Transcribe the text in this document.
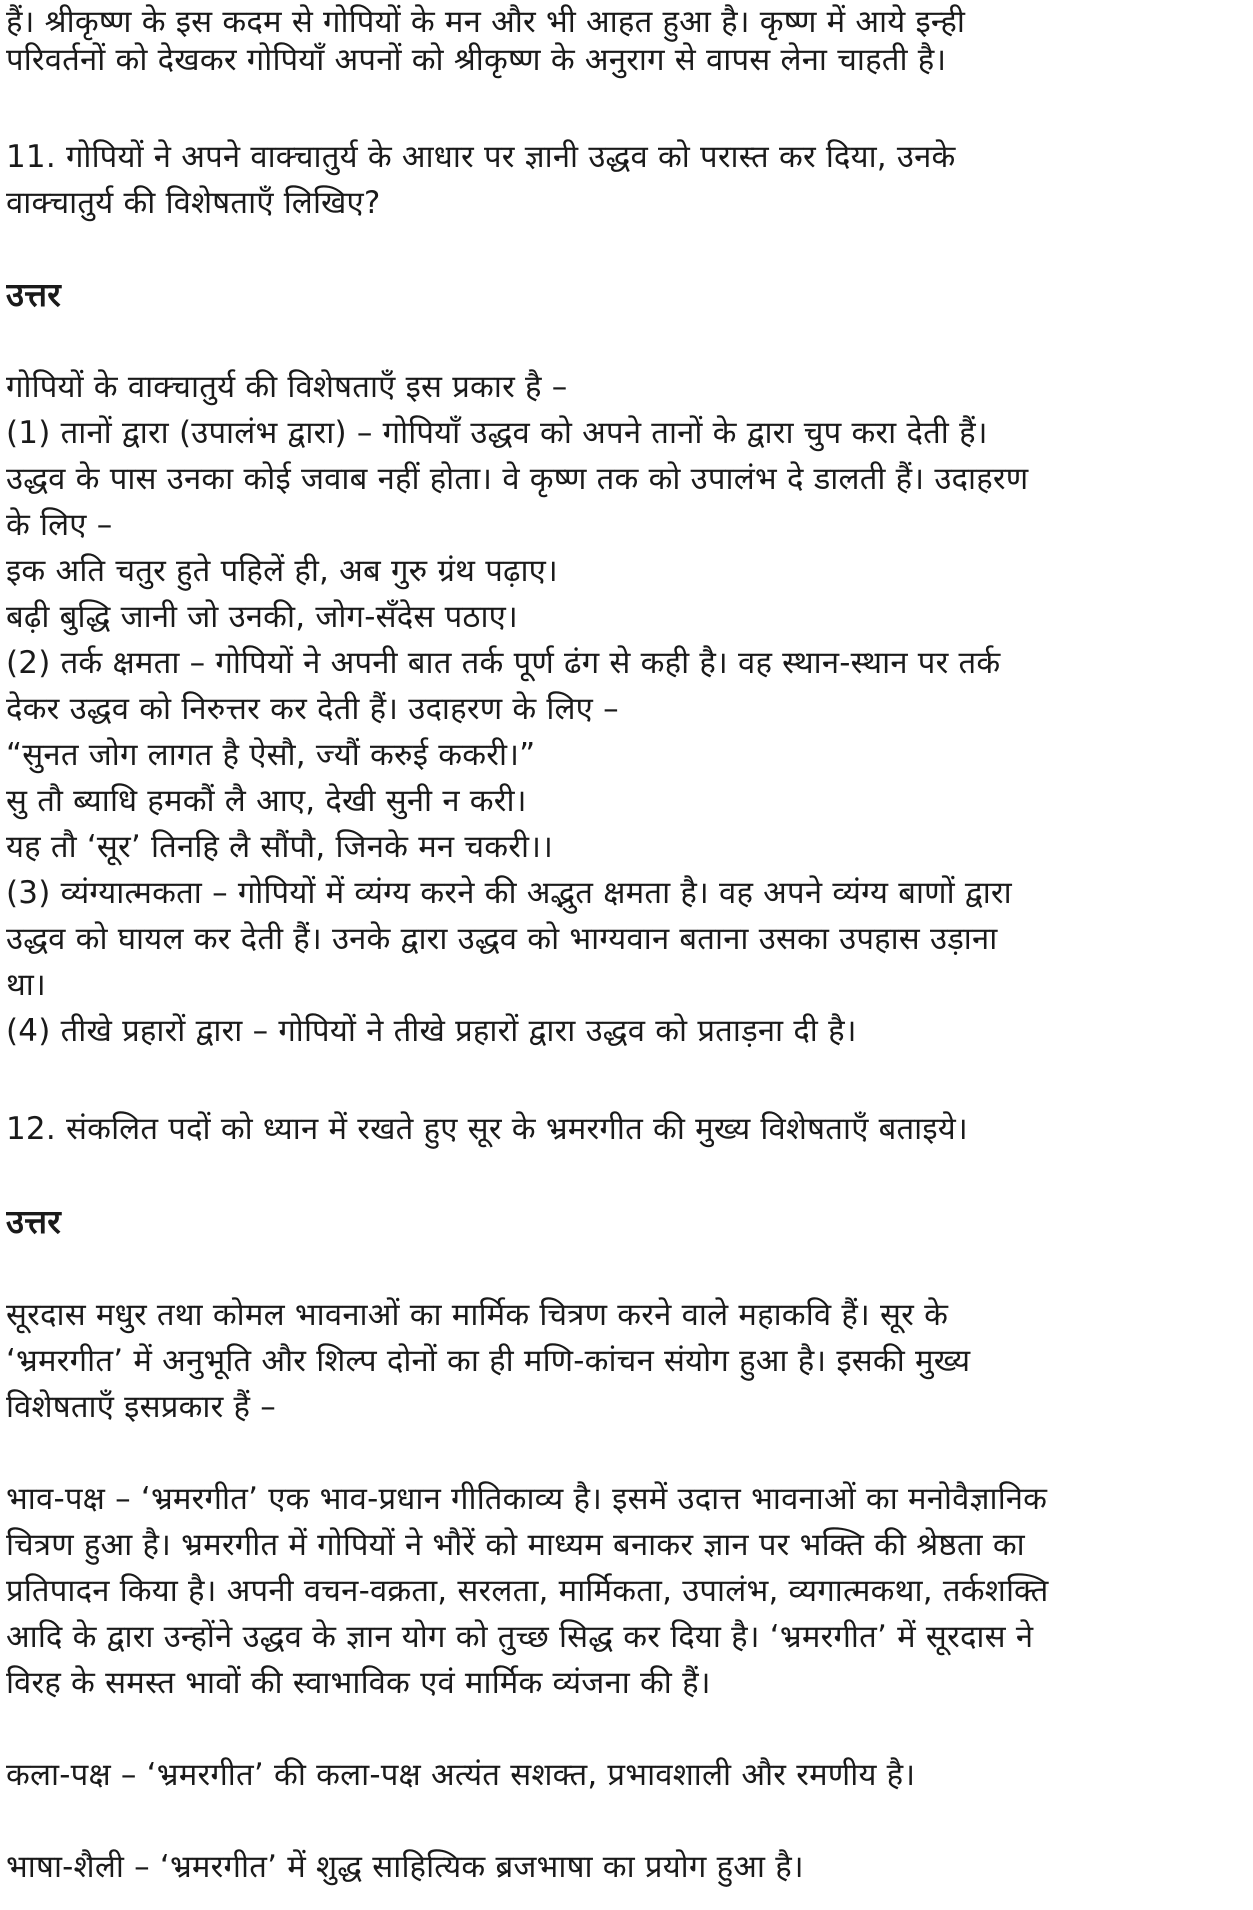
हैं। श्रीकृष्ण के इस कदम से गोपियों के मन और भी आहत हुआ है। कृष्ण में आये इन्ही
परिवर्तनों को देखकर गोपियाँ अपनों को श्रीकृष्ण के अनुराग से वापस लेना चाहती है।
11. गोपियों ने अपने वाक्चातुर्य के आधार पर ज्ञानी उद्धव को परास्त कर दिया, उनके
वाक्चातुर्य की विशेषताएँ लिखिए?
उत्तर
गोपियों के वाक्चातुर्य की विशेषताएँ इस प्रकार है –
(1) तानों द्वारा (उपालंभ द्वारा) – गोपियाँ उद्धव को अपने तानों के द्वारा चुप करा देती हैं।
उद्धव के पास उनका कोई जवाब नहीं होता। वे कृष्ण तक को उपालंभ दे डालती हैं। उदाहरण
के लिए –
इक अति चतुर हुते पहिलें ही, अब गुरु ग्रंथ पढ़ाए।
बढ़ी बुद्धि जानी जो उनकी, जोग-सँदेस पठाए।
(2) तर्क क्षमता – गोपियों ने अपनी बात तर्क पूर्ण ढंग से कही है। वह स्थान-स्थान पर तर्क
देकर उद्धव को निरुत्तर कर देती हैं। उदाहरण के लिए –
“सुनत जोग लागत है ऐसौ, ज्यौं करुई ककरी।”
सु तौ ब्याधि हमकौं लै आए, देखी सुनी न करी।
यह तौ ‘सूर’ तिनहि लै सौंपौ, जिनके मन चकरी।।
(3) व्यंग्यात्मकता – गोपियों में व्यंग्य करने की अद्भुत क्षमता है। वह अपने व्यंग्य बाणों द्वारा
उद्धव को घायल कर देती हैं। उनके द्वारा उद्धव को भाग्यवान बताना उसका उपहास उड़ाना
था।
(4) तीखे प्रहारों द्वारा – गोपियों ने तीखे प्रहारों द्वारा उद्धव को प्रताड़ना दी है।
12. संकलित पदों को ध्यान में रखते हुए सूर के भ्रमरगीत की मुख्य विशेषताएँ बताइये।
उत्तर
सूरदास मधुर तथा कोमल भावनाओं का मार्मिक चित्रण करने वाले महाकवि हैं। सूर के
‘भ्रमरगीत’ में अनुभूति और शिल्प दोनों का ही मणि-कांचन संयोग हुआ है। इसकी मुख्य
विशेषताएँ इसप्रकार हैं –
भाव-पक्ष – ‘भ्रमरगीत’ एक भाव-प्रधान गीतिकाव्य है। इसमें उदात्त भावनाओं का मनोवैज्ञानिक
चित्रण हुआ है। भ्रमरगीत में गोपियों ने भौरें को माध्यम बनाकर ज्ञान पर भक्ति की श्रेष्ठता का
प्रतिपादन किया है। अपनी वचन-वक्रता, सरलता, मार्मिकता, उपालंभ, व्यगात्मकथा, तर्कशक्ति
आदि के द्वारा उन्होंने उद्धव के ज्ञान योग को तुच्छ सिद्ध कर दिया है। ‘भ्रमरगीत’ में सूरदास ने
विरह के समस्त भावों की स्वाभाविक एवं मार्मिक व्यंजना की हैं।
कला-पक्ष – ‘भ्रमरगीत’ की कला-पक्ष अत्यंत सशक्त, प्रभावशाली और रमणीय है।
भाषा-शैली – ‘भ्रमरगीत’ में शुद्ध साहित्यिक ब्रजभाषा का प्रयोग हुआ है।
